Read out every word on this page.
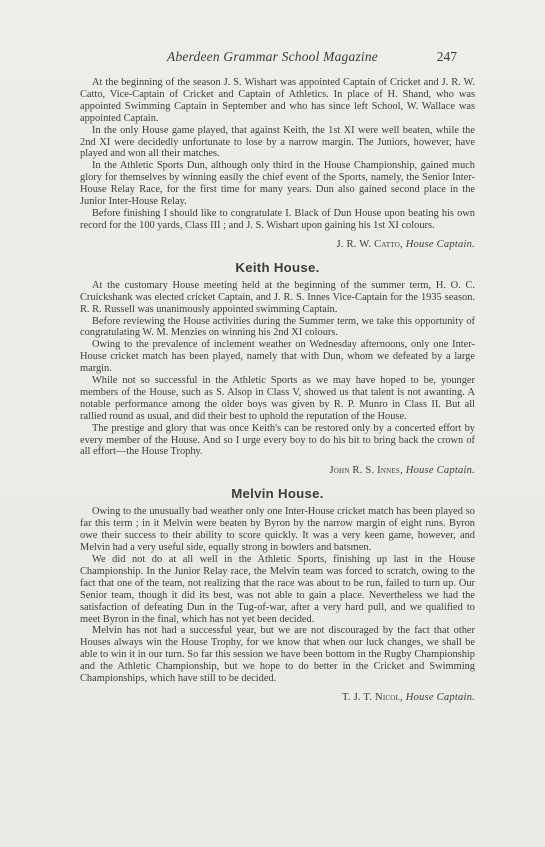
Aberdeen Grammar School Magazine	247

At the beginning of the season J. S. Wishart was appointed Captain of Cricket and J. R. W. Catto, Vice-Captain of Cricket and Captain of Athletics. In place of H. Shand, who was appointed Swimming Captain in September and who has since left School, W. Wallace was appointed Captain.

In the only House game played, that against Keith, the 1st XI were well beaten, while the 2nd XI were decidedly unfortunate to lose by a narrow margin. The Juniors, however, have played and won all their matches.

In the Athletic Sports Dun, although only third in the House Championship, gained much glory for themselves by winning easily the chief event of the Sports, namely, the Senior Inter-House Relay Race, for the first time for many years. Dun also gained second place in the Junior Inter-House Relay.

Before finishing I should like to congratulate I. Black of Dun House upon beating his own record for the 100 yards, Class III ; and J. S. Wishart upon gaining his 1st XI colours.

J. R. W. Catto, House Captain.
Keith House.

At the customary House meeting held at the beginning of the summer term, H. O. C. Cruickshank was elected cricket Captain, and J. R. S. Innes Vice-Captain for the 1935 season. R. R. Russell was unanimously appointed swimming Captain.

Before reviewing the House activities during the Summer term, we take this opportunity of congratulating W. M. Menzies on winning his 2nd XI colours.

Owing to the prevalence of inclement weather on Wednesday afternoons, only one Inter-House cricket match has been played, namely that with Dun, whom we defeated by a large margin.

While not so successful in the Athletic Sports as we may have hoped to be, younger members of the House, such as S. Alsop in Class V, showed us that talent is not awanting. A notable performance among the older boys was given by R. P. Munro in Class II. But all rallied round as usual, and did their best to uphold the reputation of the House.

The prestige and glory that was once Keith's can be restored only by a concerted effort by every member of the House. And so I urge every boy to do his bit to bring back the crown of all effort—the House Trophy.

John R. S. Innes, House Captain.
Melvin House.

Owing to the unusually bad weather only one Inter-House cricket match has been played so far this term ; in it Melvin were beaten by Byron by the narrow margin of eight runs. Byron owe their success to their ability to score quickly. It was a very keen game, however, and Melvin had a very useful side, equally strong in bowlers and batsmen.

We did not do at all well in the Athletic Sports, finishing up last in the House Championship. In the Junior Relay race, the Melvin team was forced to scratch, owing to the fact that one of the team, not realizing that the race was about to be run, failed to turn up. Our Senior team, though it did its best, was not able to gain a place. Nevertheless we had the satisfaction of defeating Dun in the Tug-of-war, after a very hard pull, and we qualified to meet Byron in the final, which has not yet been decided.

Melvin has not had a successful year, but we are not discouraged by the fact that other Houses always win the House Trophy, for we know that when our luck changes, we shall be able to win it in our turn. So far this session we have been bottom in the Rugby Championship and the Athletic Championship, but we hope to do better in the Cricket and Swimming Championships, which have still to be decided.

T. J. T. Nicol, House Captain.
